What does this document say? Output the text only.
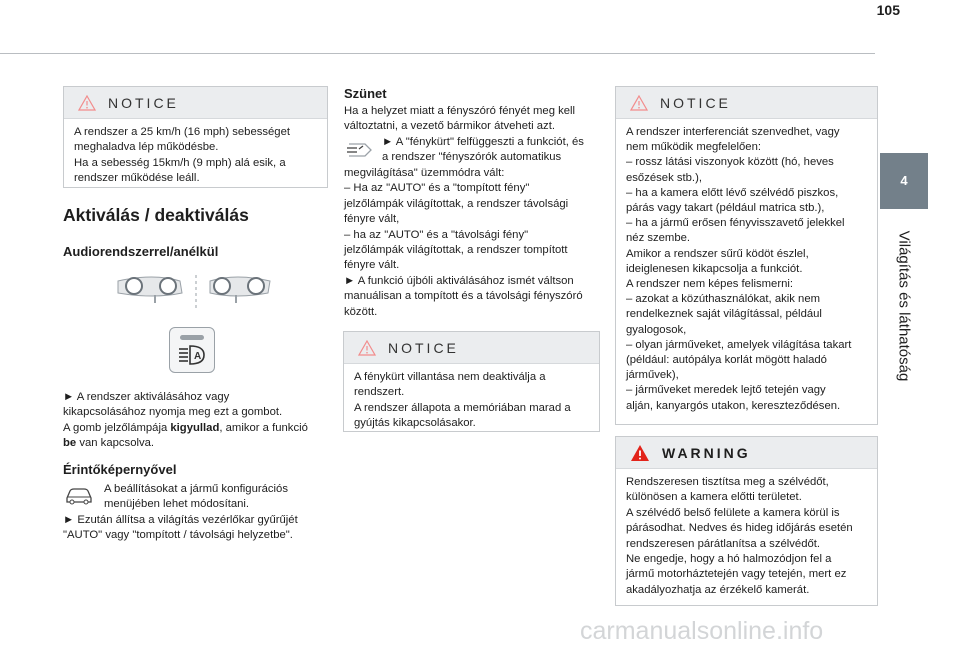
105
4
Világítás és láthatóság
NOTICE
A rendszer a 25 km/h (16 mph) sebességet
meghaladva lép működésbe.
Ha a sebesség 15km/h (9 mph) alá esik, a
rendszer működése leáll.
Aktiválás / deaktiválás
Audiorendszerrel/anélkül
A
► A rendszer aktiválásához vagy
kikapcsolásához nyomja meg ezt a gombot.
A gomb jelzőlámpája kigyullad, amikor a funkció
be van kapcsolva.
Érintőképernyővel
A beállításokat a jármű konfigurációs
menüjében lehet módosítani.
► Ezután állítsa a világítás vezérlőkar gyűrűjét
"AUTO" vagy "tompított / távolsági helyzetbe".
Szünet
Ha a helyzet miatt a fényszóró fényét meg kell
változtatni, a vezető bármikor átveheti azt.
► A "fénykürt" felfüggeszti a funkciót, és
a rendszer "fényszórók automatikus
megvilágítása" üzemmódra vált:
– Ha az "AUTO" és a "tompított fény"
jelzőlámpák világítottak, a rendszer távolsági
fényre vált,
– ha az "AUTO" és a "távolsági fény"
jelzőlámpák világítottak, a rendszer tompított
fényre vált.
► A funkció újbóli aktiválásához ismét váltson
manuálisan a tompított és a távolsági fényszóró
között.
NOTICE
A fénykürt villantása nem deaktiválja a
rendszert.
A rendszer állapota a memóriában marad a
gyújtás kikapcsolásakor.
NOTICE
A rendszer interferenciát szenvedhet, vagy
nem működik megfelelően:
– rossz látási viszonyok között (hó, heves
esőzések stb.),
– ha a kamera előtt lévő szélvédő piszkos,
párás vagy takart (például matrica stb.),
– ha a jármű erősen fényvisszavető jelekkel
néz szembe.
Amikor a rendszer sűrű ködöt észlel,
ideiglenesen kikapcsolja a funkciót.
A rendszer nem képes felismerni:
– azokat a közúthasználókat, akik nem
rendelkeznek saját világítással, például
gyalogosok,
– olyan járműveket, amelyek világítása takart
(például: autópálya korlát mögött haladó
járművek),
– járműveket meredek lejtő tetején vagy
alján, kanyargós utakon, kereszteződésen.
WARNING
Rendszeresen tisztítsa meg a szélvédőt,
különösen a kamera előtti területet.
A szélvédő belső felülete a kamera körül is
párásodhat. Nedves és hideg időjárás esetén
rendszeresen párátlanítsa a szélvédőt.
Ne engedje, hogy a hó halmozódjon fel a
jármű motorháztetején vagy tetején, mert ez
akadályozhatja az érzékelő kamerát.
carmanualsonline.info
